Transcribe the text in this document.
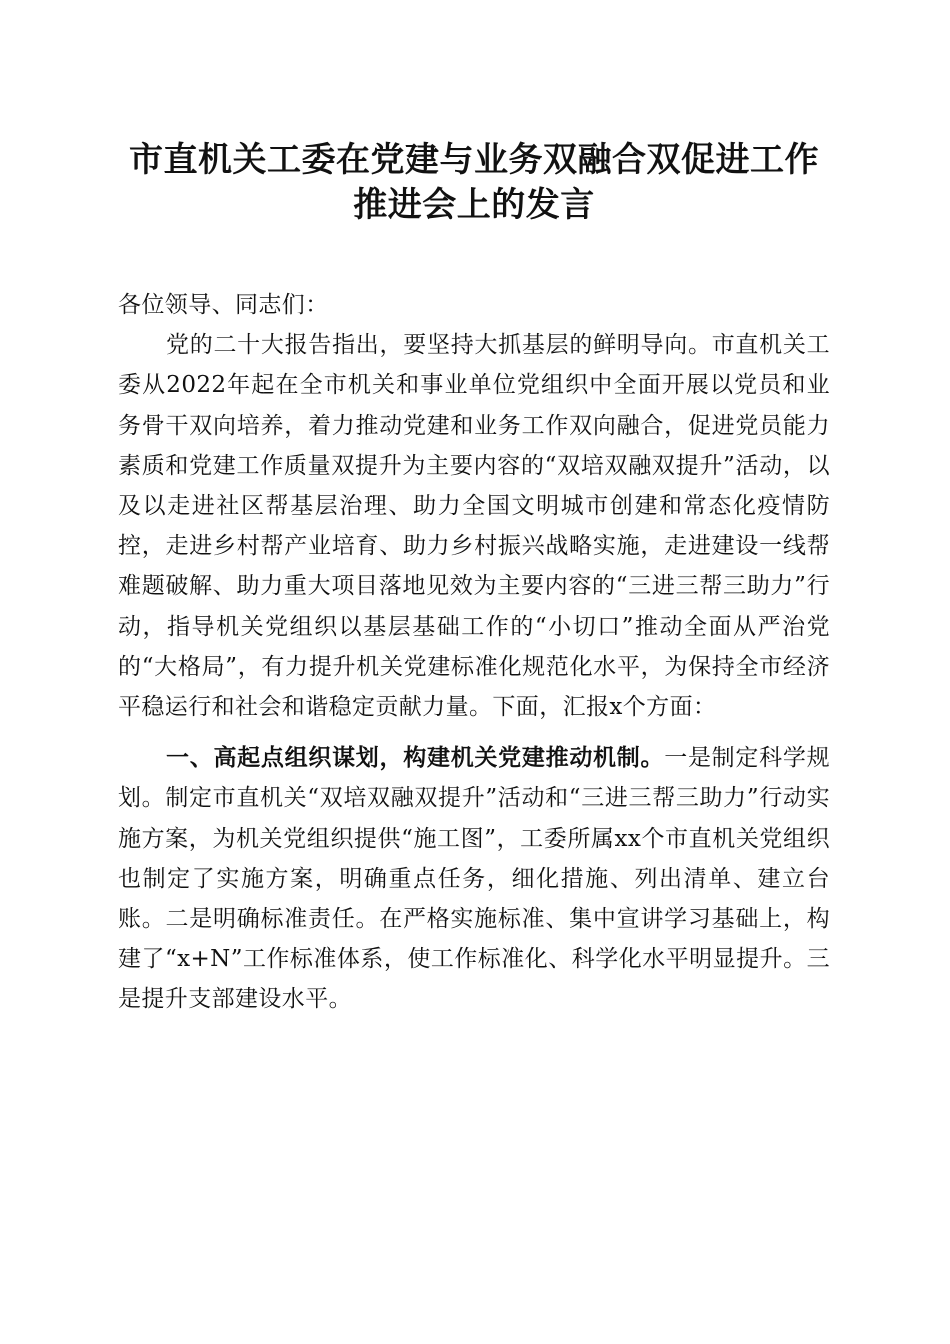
市直机关工委在党建与业务双融合双促进工作
推进会上的发言

各位领导、同志们：

党的二十大报告指出，要坚持大抓基层的鲜明导向。市直机关工委从2022年起在全市机关和事业单位党组织中全面开展以党员和业务骨干双向培养，着力推动党建和业务工作双向融合，促进党员能力素质和党建工作质量双提升为主要内容的“双培双融双提升”活动，以及以走进社区帮基层治理、助力全国文明城市创建和常态化疫情防控，走进乡村帮产业培育、助力乡村振兴战略实施，走进建设一线帮难题破解、助力重大项目落地见效为主要内容的“三进三帮三助力”行动，指导机关党组织以基层基础工作的“小切口”推动全面从严治党的“大格局”，有力提升机关党建标准化规范化水平，为保持全市经济平稳运行和社会和谐稳定贡献力量。下面，汇报x个方面：

一、高起点组织谋划，构建机关党建推动机制。一是制定科学规划。制定市直机关“双培双融双提升”活动和“三进三帮三助力”行动实施方案，为机关党组织提供“施工图”，工委所属xx个市直机关党组织也制定了实施方案，明确重点任务，细化措施、列出清单、建立台账。二是明确标准责任。在严格实施标准、集中宣讲学习基础上，构建了“x+N”工作标准体系，使工作标准化、科学化水平明显提升。三是提升支部建设水平。
